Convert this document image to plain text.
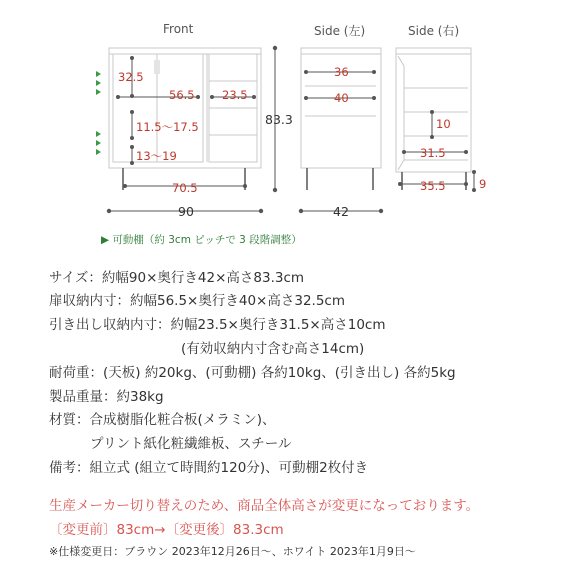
Front	Side (左)	Side (右)
32.5
56.5 23.5
11.5〜17.5
13〜19
70.5
90
83.3
36
40
42
10
31.5
35.5	9
▶ 可動棚（約 3cm ピッチで 3 段階調整）
サイズ：約幅90×奥行き42×高さ83.3cm
扉収納内寸：約幅56.5×奥行き40×高さ32.5cm
引き出し収納内寸：約幅23.5×奥行き31.5×高さ10cm
(有効収納内寸含む高さ14cm)
耐荷重：(天板) 約20kg、(可動棚) 各約10kg、(引き出し) 各約5kg
製品重量：約38kg
材質：合成樹脂化粧合板(メラミン)、
プリント紙化粧繊維板、スチール
備考：組立式 (組立て時間約120分)、可動棚2枚付き
生産メーカー切り替えのため、商品全体高さが変更になっております。
〔変更前〕83cm→〔変更後〕83.3cm
※仕様変更日：ブラウン 2023年12月26日〜、ホワイト 2023年1月9日〜
